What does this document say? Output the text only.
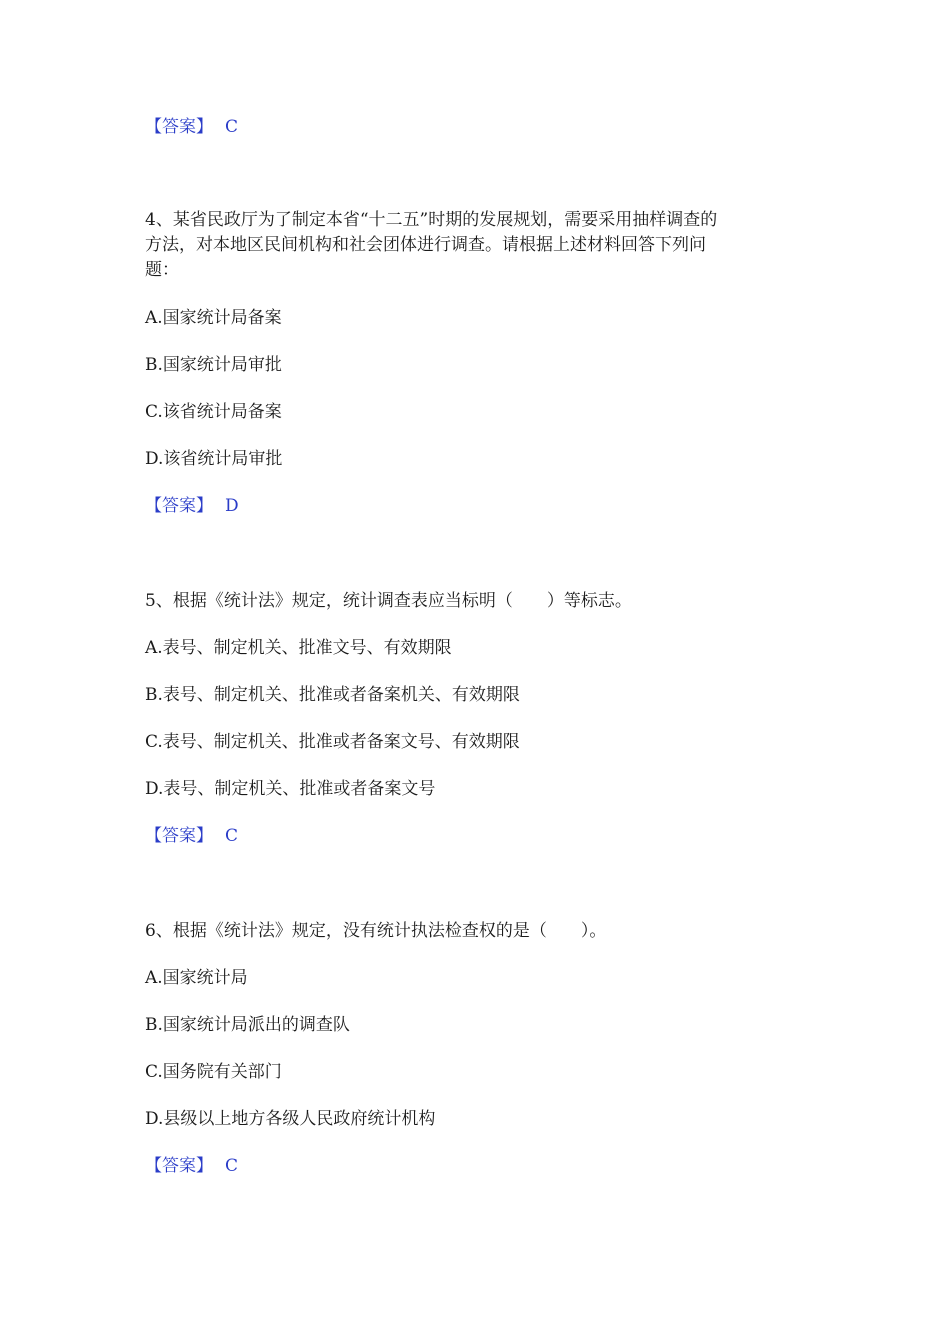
【答案】 C
4、某省民政厅为了制定本省“十二五”时期的发展规划，需要采用抽样调查的
方法，对本地区民间机构和社会团体进行调查。请根据上述材料回答下列问
题：
A.国家统计局备案
B.国家统计局审批
C.该省统计局备案
D.该省统计局审批
【答案】 D
5、根据《统计法》规定，统计调查表应当标明（　　）等标志。
A.表号、制定机关、批准文号、有效期限
B.表号、制定机关、批准或者备案机关、有效期限
C.表号、制定机关、批准或者备案文号、有效期限
D.表号、制定机关、批准或者备案文号
【答案】 C
6、根据《统计法》规定，没有统计执法检查权的是（　　）。
A.国家统计局
B.国家统计局派出的调查队
C.国务院有关部门
D.县级以上地方各级人民政府统计机构
【答案】 C
